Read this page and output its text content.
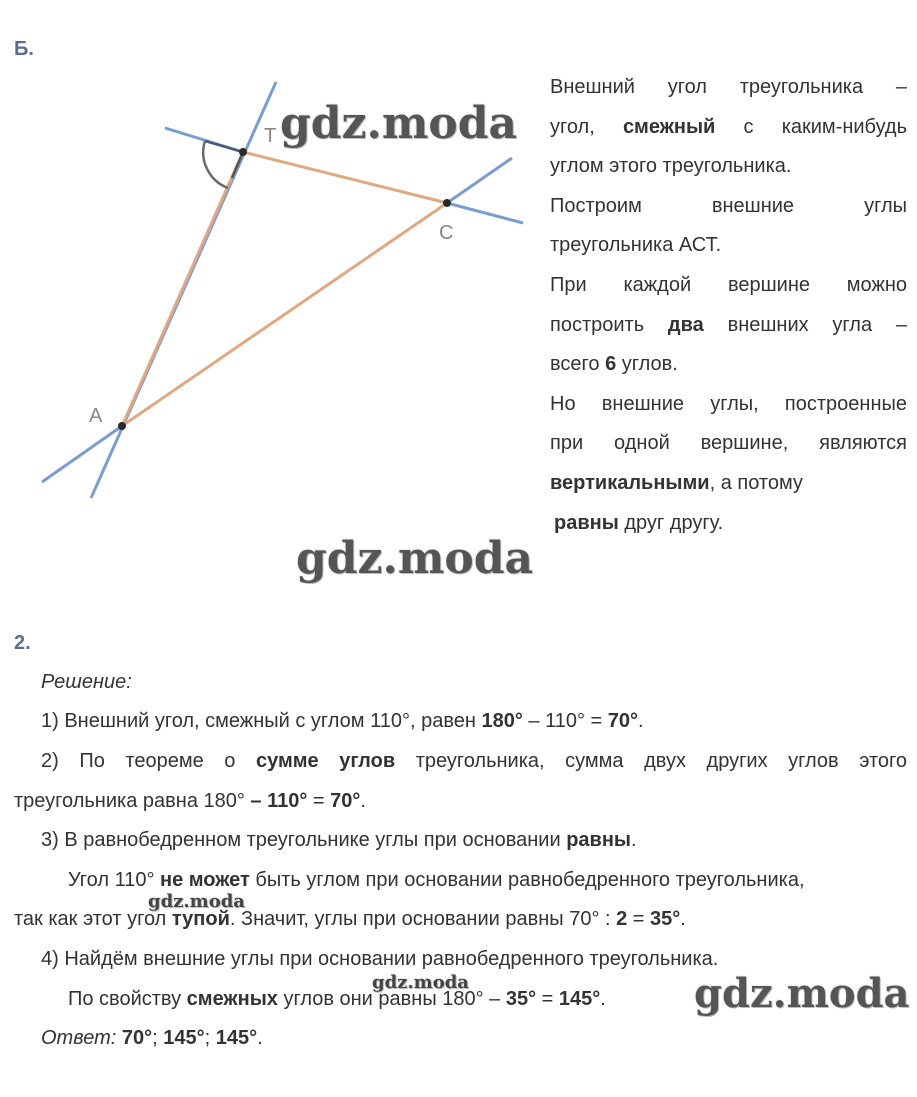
Б.
T
C
A

Внешний угол треугольника –

угол, смежный с каким-нибудь

углом этого треугольника.

Построим внешние углы

треугольника АСТ.

При каждой вершине можно

построить два внешних угла –

всего 6 углов.

Но внешние углы, построенные

при одной вершине, являются

вертикальными, а потому

равны друг другу.

2.
Решение:
1) Внешний угол, смежный с углом 110°, равен 180° – 110° = 70°.
2) По теореме о сумме углов треугольника, сумма двух других углов этого
треугольника равна 180° – 110° = 70°.
3) В равнобедренном треугольнике углы при основании равны.
Угол 110° не может быть углом при основании равнобедренного треугольника,
так как этот угол тупой. Значит, углы при основании равны 70° : 2 = 35°.
4) Найдём внешние углы при основании равнобедренного треугольника.
По свойству смежных углов они равны 180° – 35° = 145°.
Ответ: 70°; 145°; 145°.
gdz.moda
gdz.moda
gdz.moda
gdz.moda
gdz.moda
